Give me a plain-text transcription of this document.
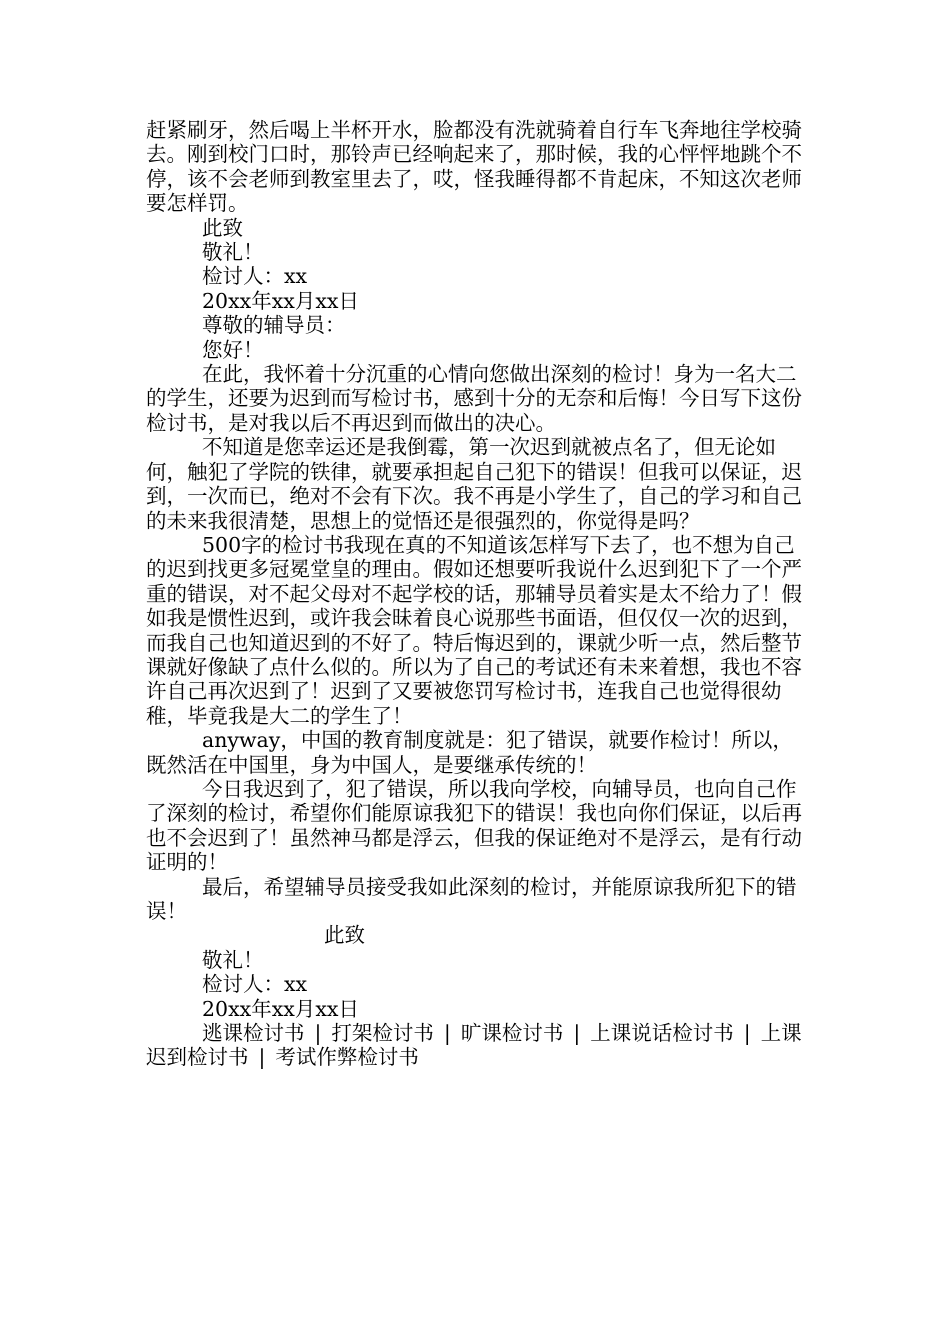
赶紧刷牙，然后喝上半杯开水，脸都没有洗就骑着自行车飞奔地往学校骑去。刚到校门口时，那铃声已经响起来了，那时候，我的心怦怦地跳个不停，该不会老师到教室里去了，哎，怪我睡得都不肯起床，不知这次老师要怎样罚。

此致

敬礼！

检讨人：xx

20xx年xx月xx日

尊敬的辅导员：

您好！

在此，我怀着十分沉重的心情向您做出深刻的检讨！身为一名大二的学生，还要为迟到而写检讨书，感到十分的无奈和后悔！今日写下这份检讨书，是对我以后不再迟到而做出的决心。

不知道是您幸运还是我倒霉，第一次迟到就被点名了，但无论如何，触犯了学院的铁律，就要承担起自己犯下的错误！但我可以保证，迟到，一次而已，绝对不会有下次。我不再是小学生了，自己的学习和自己的未来我很清楚，思想上的觉悟还是很强烈的，你觉得是吗？

500字的检讨书我现在真的不知道该怎样写下去了，也不想为自己的迟到找更多冠冕堂皇的理由。假如还想要听我说什么迟到犯下了一个严重的错误，对不起父母对不起学校的话，那辅导员着实是太不给力了！假如我是惯性迟到，或许我会昧着良心说那些书面语，但仅仅一次的迟到，而我自己也知道迟到的不好了。特后悔迟到的，课就少听一点，然后整节课就好像缺了点什么似的。所以为了自己的考试还有未来着想，我也不容许自己再次迟到了！迟到了又要被您罚写检讨书，连我自己也觉得很幼稚，毕竟我是大二的学生了！

anyway，中国的教育制度就是：犯了错误，就要作检讨！所以，既然活在中国里，身为中国人，是要继承传统的！

今日我迟到了，犯了错误，所以我向学校，向辅导员，也向自己作了深刻的检讨，希望你们能原谅我犯下的错误！我也向你们保证，以后再也不会迟到了！虽然神马都是浮云，但我的保证绝对不是浮云，是有行动证明的！

最后，希望辅导员接受我如此深刻的检讨，并能原谅我所犯下的错误！

此致

敬礼！

检讨人：xx

20xx年xx月xx日

逃课检讨书 | 打架检讨书 | 旷课检讨书 | 上课说话检讨书 | 上课迟到检讨书 | 考试作弊检讨书
